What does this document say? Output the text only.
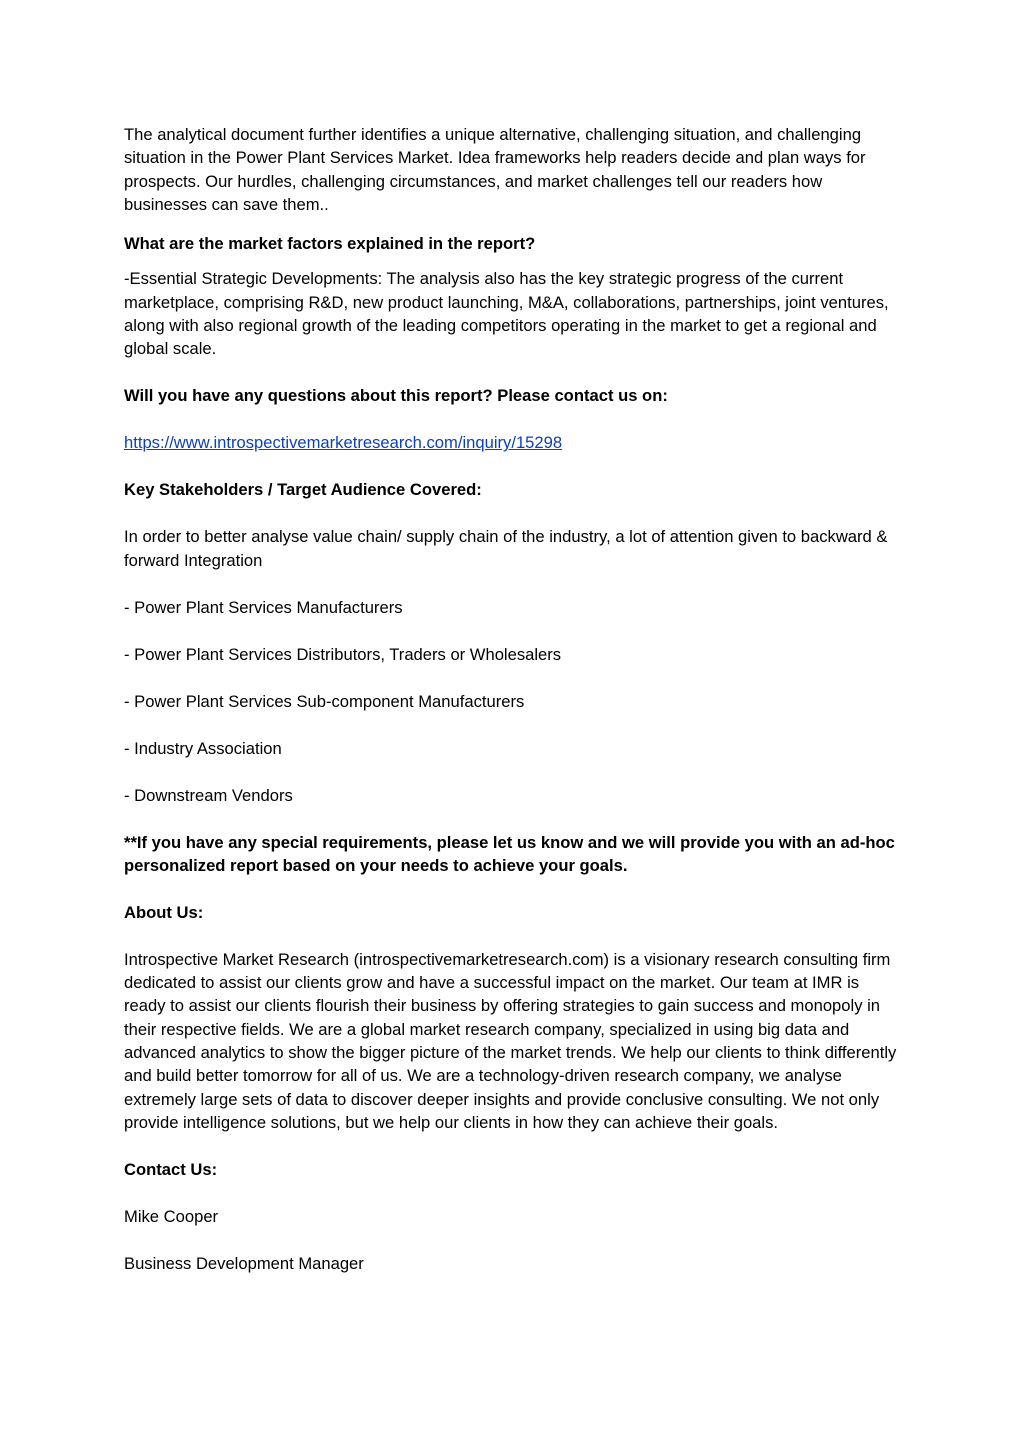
The analytical document further identifies a unique alternative, challenging situation, and challenging situation in the Power Plant Services Market. Idea frameworks help readers decide and plan ways for prospects. Our hurdles, challenging circumstances, and market challenges tell our readers how businesses can save them..

What are the market factors explained in the report?

-Essential Strategic Developments: The analysis also has the key strategic progress of the current marketplace, comprising R&D, new product launching, M&A, collaborations, partnerships, joint ventures, along with also regional growth of the leading competitors operating in the market to get a regional and global scale.

Will you have any questions about this report? Please contact us on:

https://www.introspectivemarketresearch.com/inquiry/15298

Key Stakeholders / Target Audience Covered:

In order to better analyse value chain/ supply chain of the industry, a lot of attention given to backward & forward Integration

- Power Plant Services Manufacturers

- Power Plant Services Distributors, Traders or Wholesalers

- Power Plant Services Sub-component Manufacturers

- Industry Association

- Downstream Vendors

**If you have any special requirements, please let us know and we will provide you with an ad-hoc personalized report based on your needs to achieve your goals.

About Us:

Introspective Market Research (introspectivemarketresearch.com) is a visionary research consulting firm dedicated to assist our clients grow and have a successful impact on the market. Our team at IMR is ready to assist our clients flourish their business by offering strategies to gain success and monopoly in their respective fields. We are a global market research company, specialized in using big data and advanced analytics to show the bigger picture of the market trends. We help our clients to think differently and build better tomorrow for all of us. We are a technology-driven research company, we analyse extremely large sets of data to discover deeper insights and provide conclusive consulting. We not only provide intelligence solutions, but we help our clients in how they can achieve their goals.

Contact Us:

Mike Cooper

Business Development Manager
